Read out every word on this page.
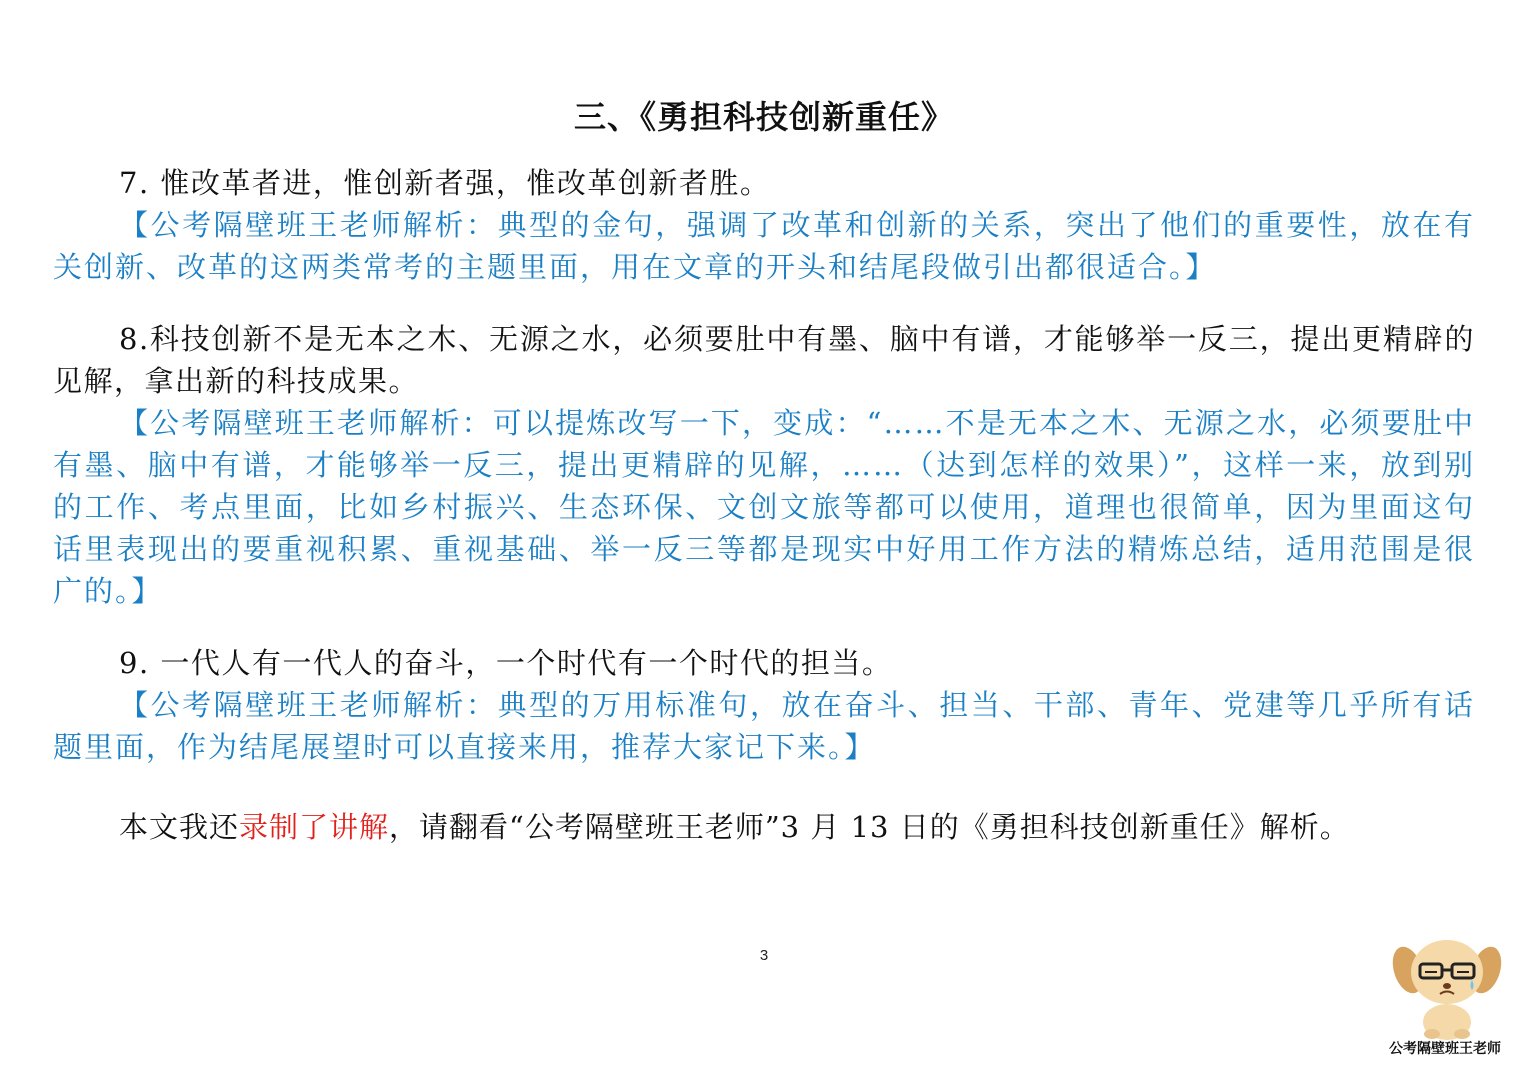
三、《勇担科技创新重任》

7. 惟改革者进，惟创新者强，惟改革创新者胜。

【公考隔壁班王老师解析：典型的金句，强调了改革和创新的关系，突出了他们的重要性，放在有关创新、改革的这两类常考的主题里面，用在文章的开头和结尾段做引出都很适合。】

8.科技创新不是无本之木、无源之水，必须要肚中有墨、脑中有谱，才能够举一反三，提出更精辟的见解，拿出新的科技成果。

【公考隔壁班王老师解析：可以提炼改写一下，变成：“……不是无本之木、无源之水，必须要肚中有墨、脑中有谱，才能够举一反三，提出更精辟的见解，……（达到怎样的效果）”，这样一来，放到别的工作、考点里面，比如乡村振兴、生态环保、文创文旅等都可以使用，道理也很简单，因为里面这句话里表现出的要重视积累、重视基础、举一反三等都是现实中好用工作方法的精炼总结，适用范围是很广的。】

9. 一代人有一代人的奋斗，一个时代有一个时代的担当。

【公考隔壁班王老师解析：典型的万用标准句，放在奋斗、担当、干部、青年、党建等几乎所有话题里面，作为结尾展望时可以直接来用，推荐大家记下来。】

本文我还录制了讲解，请翻看“公考隔壁班王老师”3 月 13 日的《勇担科技创新重任》解析。

3
公考隔壁班王老师
